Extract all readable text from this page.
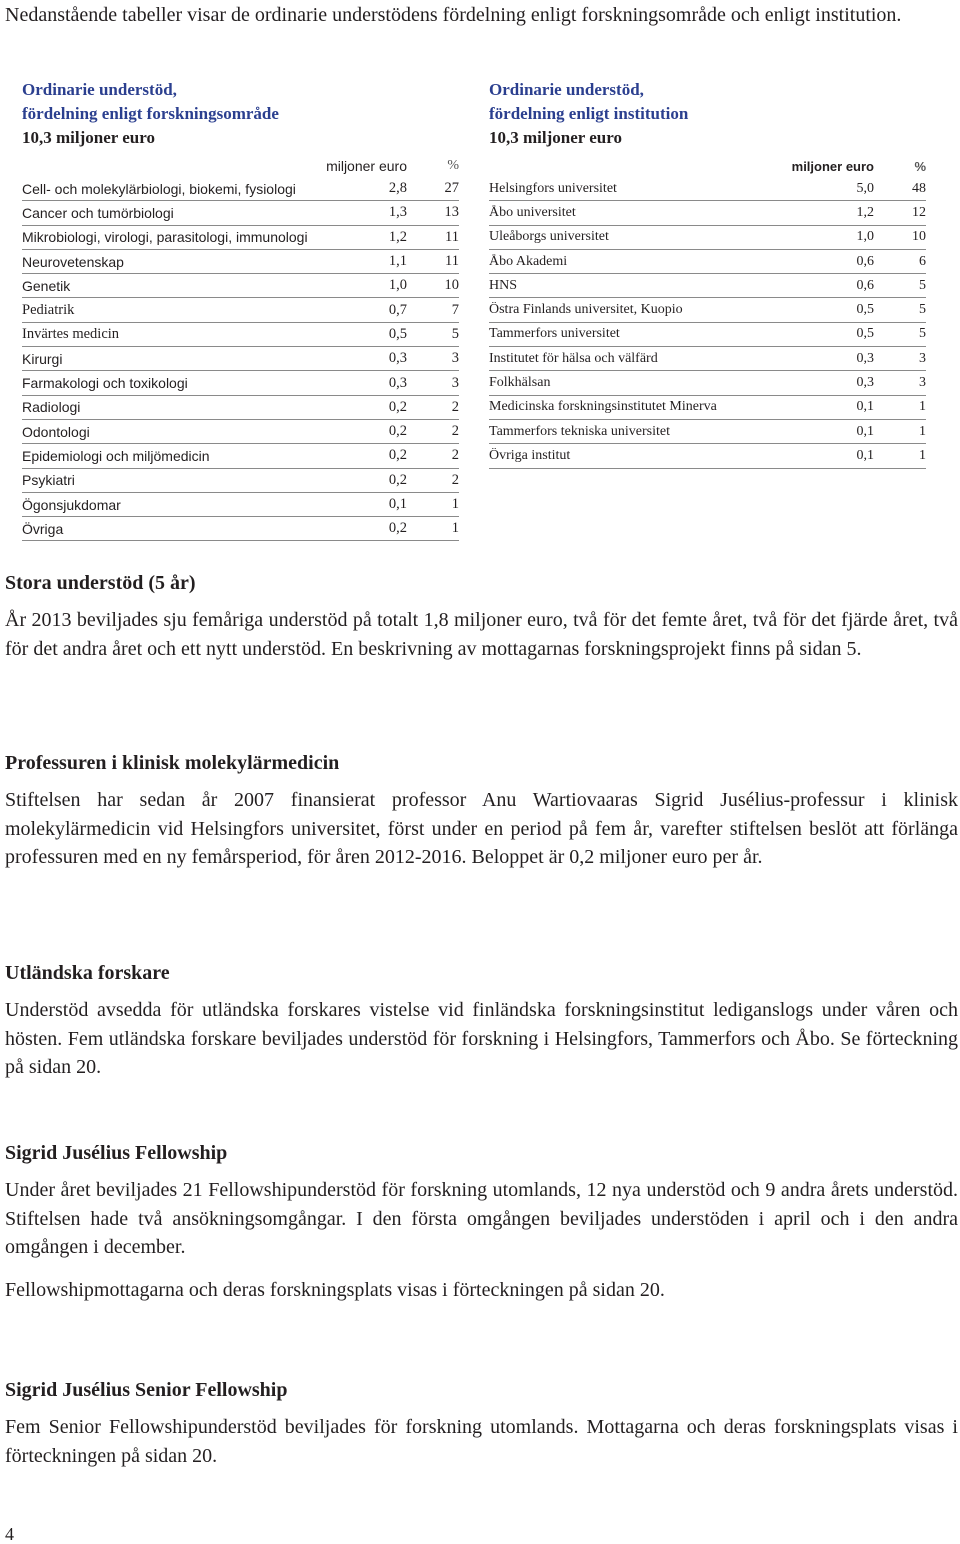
Nedanstående tabeller visar de ordinarie understödens fördelning enligt forskningsområde och enligt institution.

Ordinarie understöd,
fördelning enligt forskningsområde
10,3 miljoner euro
miljoner euro	%
Cell- och molekylärbiologi, biokemi, fysiologi	2,8	27
Cancer och tumörbiologi	1,3	13
Mikrobiologi, virologi, parasitologi, immunologi	1,2	11
Neurovetenskap	1,1	11
Genetik	1,0	10
Pediatrik	0,7	7
Invärtes medicin	0,5	5
Kirurgi	0,3	3
Farmakologi och toxikologi	0,3	3
Radiologi	0,2	2
Odontologi	0,2	2
Epidemiologi och miljömedicin	0,2	2
Psykiatri	0,2	2
Ögonsjukdomar	0,1	1
Övriga	0,2	1
Ordinarie understöd,
fördelning enligt institution
10,3 miljoner euro
miljoner euro	%
Helsingfors universitet	5,0	48
Åbo universitet	1,2	12
Uleåborgs universitet	1,0	10
Åbo Akademi	0,6	6
HNS	0,6	5
Östra Finlands universitet, Kuopio	0,5	5
Tammerfors universitet	0,5	5
Institutet för hälsa och välfärd	0,3	3
Folkhälsan	0,3	3
Medicinska forskningsinstitutet Minerva	0,1	1
Tammerfors tekniska universitet	0,1	1
Övriga institut	0,1	1
Stora understöd (5 år)

År 2013 beviljades sju femåriga understöd på totalt 1,8 miljoner euro, två för det femte året, två för det fjärde året, två för det andra året och ett nytt understöd. En beskrivning av mottagarnas forskningsprojekt finns på sidan 5.

Professuren i klinisk molekylärmedicin

Stiftelsen har sedan år 2007 finansierat professor Anu Wartiovaaras Sigrid Jusélius-professur i klinisk molekylärmedicin vid Helsingfors universitet, först under en period på fem år, varefter stiftelsen beslöt att förlänga professuren med en ny femårsperiod, för åren 2012-2016. Beloppet är 0,2 miljoner euro per år.

Utländska forskare

Understöd avsedda för utländska forskares vistelse vid finländska forskningsinstitut lediganslogs under våren och hösten. Fem utländska forskare beviljades understöd för forskning i Helsingfors, Tammerfors och Åbo. Se förteckning på sidan 20.

Sigrid Jusélius Fellowship

Under året beviljades 21 Fellowshipunderstöd för forskning utomlands, 12 nya understöd och 9 andra årets understöd. Stiftelsen hade två ansökningsomgångar. I den första omgången beviljades understöden i april och i den andra omgången i december.

Fellowshipmottagarna och deras forskningsplats visas i förteckningen på sidan 20.

Sigrid Jusélius Senior Fellowship

Fem Senior Fellowshipunderstöd beviljades för forskning utomlands. Mottagarna och deras forskningsplats visas i förteckningen på sidan 20.

4
